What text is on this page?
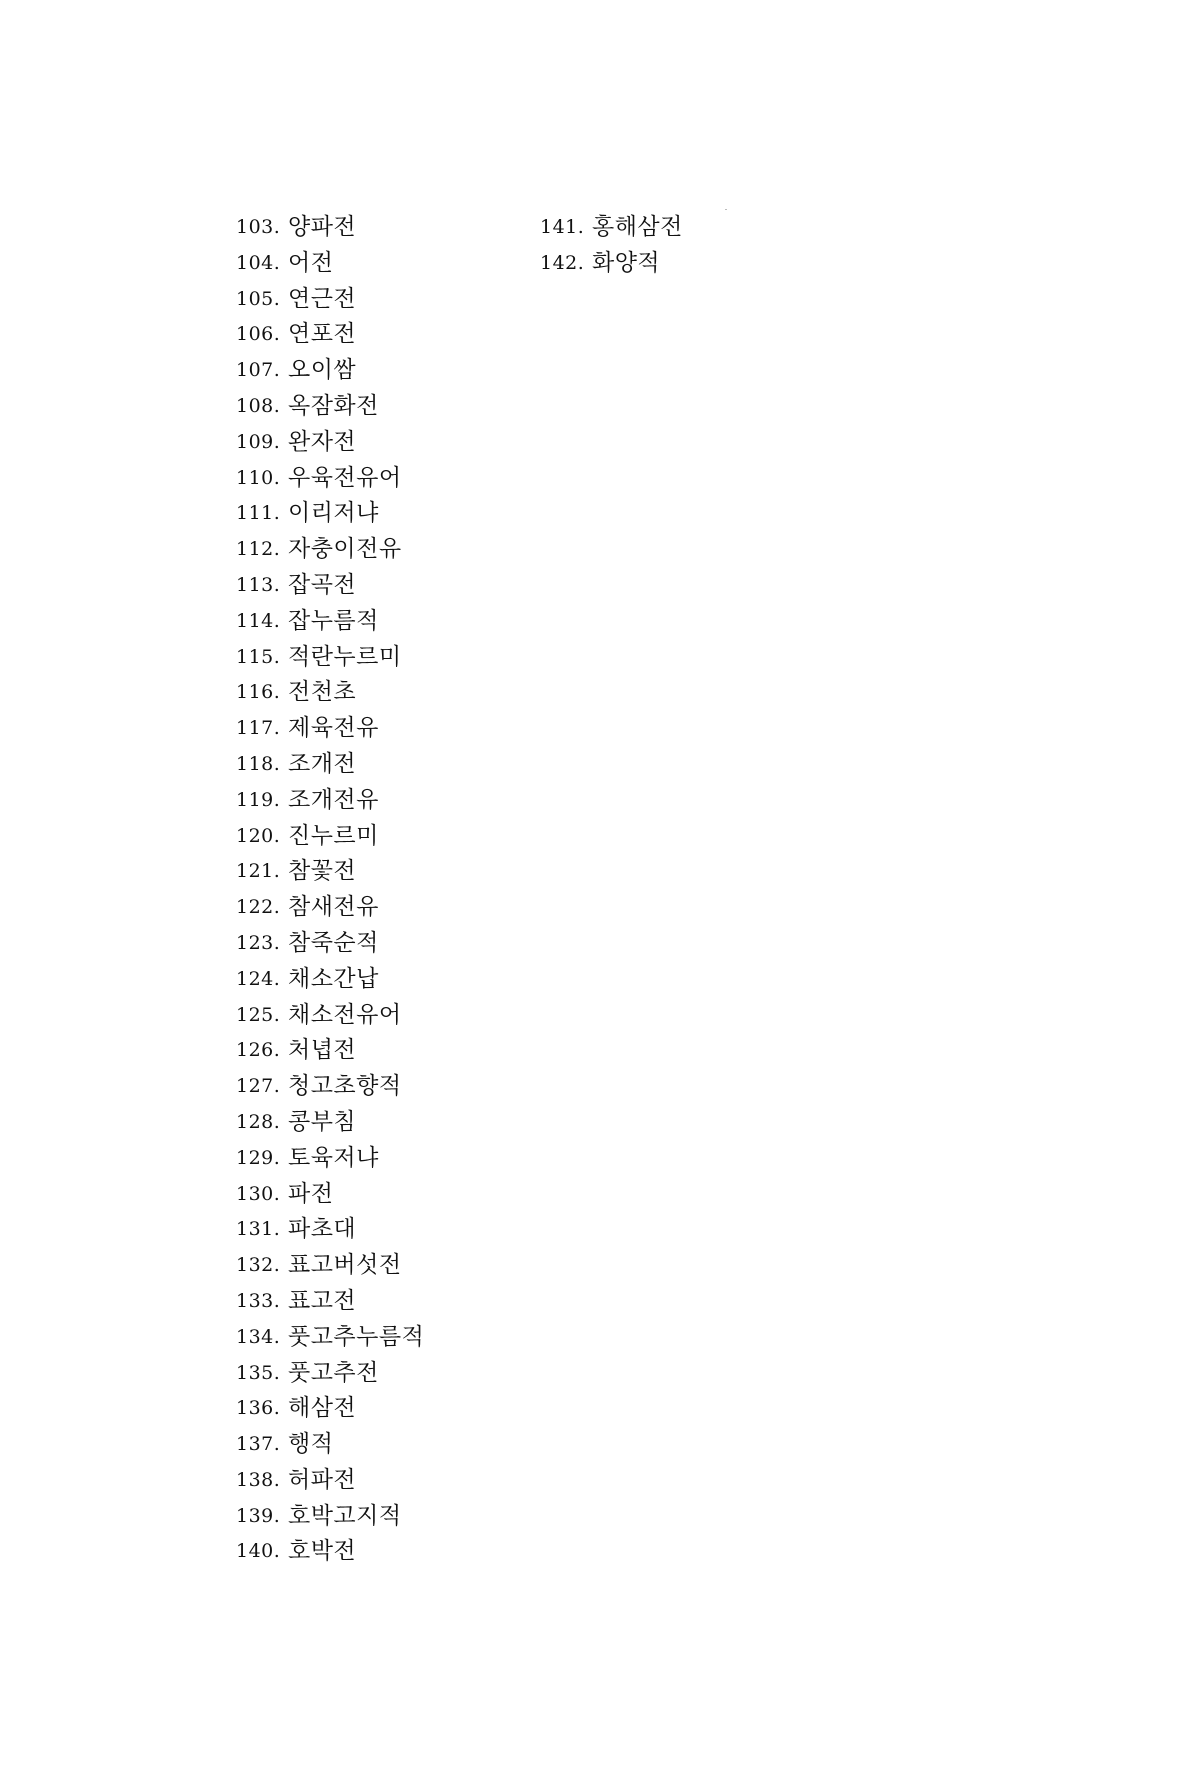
103. 양파전
104. 어전
105. 연근전
106. 연포전
107. 오이쌈
108. 옥잠화전
109. 완자전
110. 우육전유어
111. 이리저냐
112. 자충이전유
113. 잡곡전
114. 잡누름적
115. 적란누르미
116. 전천초
117. 제육전유
118. 조개전
119. 조개전유
120. 진누르미
121. 참꽃전
122. 참새전유
123. 참죽순적
124. 채소간납
125. 채소전유어
126. 처녑전
127. 청고초향적
128. 콩부침
129. 토육저냐
130. 파전
131. 파초대
132. 표고버섯전
133. 표고전
134. 풋고추누름적
135. 풋고추전
136. 해삼전
137. 행적
138. 허파전
139. 호박고지적
140. 호박전
141. 홍해삼전
142. 화양적
